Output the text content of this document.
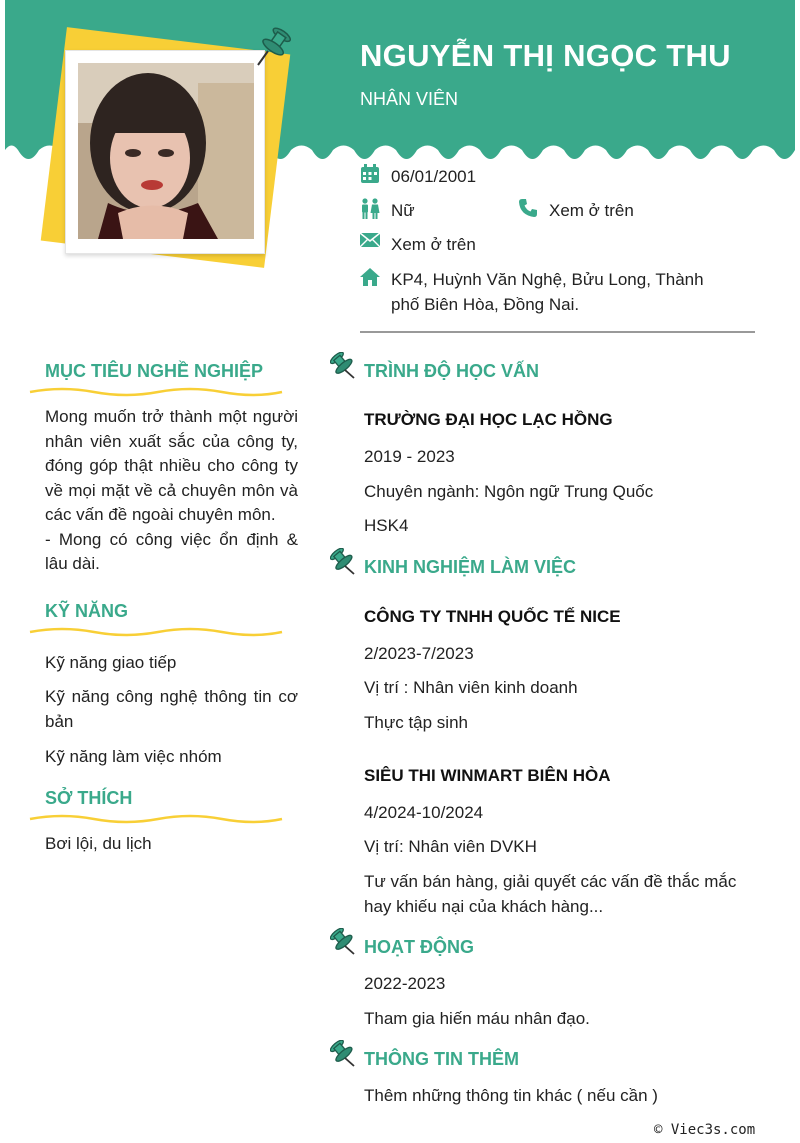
NGUYỄN THỊ NGỌC THU
NHÂN VIÊN
06/01/2001
Nữ	Xem ở trên
Xem ở trên
KP4, Huỳnh Văn Nghệ, Bửu Long, Thành
phố Biên Hòa, Đồng Nai.
MỤC TIÊU NGHỀ NGHIỆP
Mong muốn trở thành một người nhân viên xuất sắc của công ty, đóng góp thật nhiều cho công ty về mọi mặt về cả chuyên môn và các vấn đề ngoài chuyên môn.
- Mong có công việc ổn định & lâu dài.
KỸ NĂNG
Kỹ năng giao tiếp
Kỹ năng công nghệ thông tin cơ bản
Kỹ năng làm việc nhóm
SỞ THÍCH
Bơi lội, du lịch
TRÌNH ĐỘ HỌC VẤN
TRƯỜNG ĐẠI HỌC LẠC HỒNG
2019 - 2023
Chuyên ngành: Ngôn ngữ Trung Quốc
HSK4
KINH NGHIỆM LÀM VIỆC
CÔNG TY TNHH QUỐC TẾ NICE
2/2023-7/2023
Vị trí : Nhân viên kinh doanh
Thực tập sinh
SIÊU THI WINMART BIÊN HÒA
4/2024-10/2024
Vị trí: Nhân viên DVKH
Tư vấn bán hàng, giải quyết các vấn đề thắc mắc hay khiếu nại của khách hàng...
HOẠT ĐỘNG
2022-2023
Tham gia hiến máu nhân đạo.
THÔNG TIN THÊM
Thêm những thông tin khác ( nếu cần )
© Viec3s.com
